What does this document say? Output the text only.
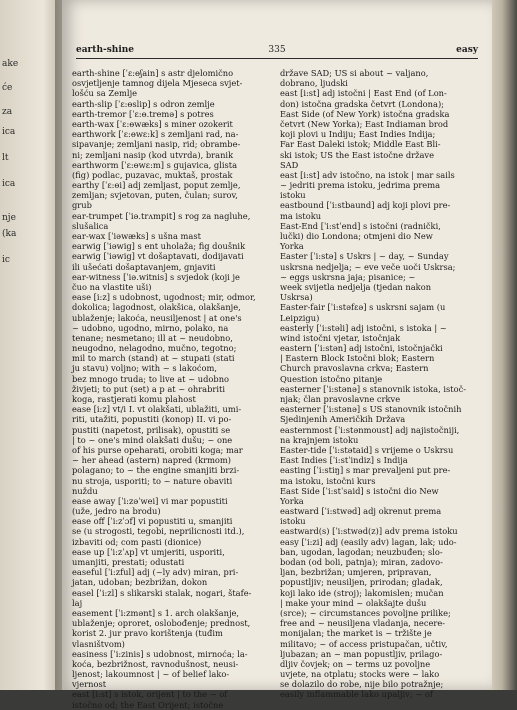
ake
će
za
ica
lt
ica
nje
(ka
ic
earth-shine	335	easy
earth-shine [ˈɛ:ɵʃain] s astr djelomično
osvjetljenje tamnog dijela Mjeseca svjet-
lošću sa Zemlje
earth-slip [ˈɛ:ɵslip] s odron zemlje
earth-tremor [ˈɛ:ɵ.tremə] s potres
earth-wax [ˈɛ:ɵwæks] s miner ozokerit
earthwork [ˈɛ:ɵwɛ:k] s zemljani rad, na-
sipavanje; zemljani nasip, rid; obrambe-
ni; zemljani nasip (kod utvrda), branik
earthworm [ˈɛ:ɵwɛ:m] s gujavica, glista
(fig) podlac, puzavac, muktaš, prostak
earthy [ˈɛ:ɵi] adj zemljast, poput zemlje,
zemljan; svjetovan, puten, čulan; surov,
grub
ear-trumpet [ˈiə.trʌmpit] s rog za nagluhe,
slušalica
ear-wax [ˈiəwæks] s ušna mast
earwig [ˈiəwig] s ent uholaža; fig doušnik
earwig [ˈiəwig] vt došaptavati, dodijavati
ili ušećati došaptavanjem, gnjaviti
ear-witness [ˈiə.witnis] s svjedok (koji je
čuo na vlastite uši)
ease [i:z] s udobnost, ugodnost; mir, odmor,
dokolica; lagodnost, olakšica, olakšanje,
ublaženje; lakoća, neusiljenost | at one's
~ udobno, ugodno, mirno, polako, na
tenane; nesmetano; ill at ~ neudobno,
neugodno, nelagodno, mučno, tegotno;
mil to march (stand) at ~ stupati (stati
ju stavu) voljno; with ~ s lakoćom,
bez mnogo truda; to live at ~ udobno
živjeti; to put (set) a p at ~ ohrabriti
koga, rastjerati komu plahost
ease [i:z] vt/i I. vt olakšati, ublažiti, umi-
riti, utažiti, popustiti (konop) II. vi po-
pustiti (napetost, prilisak), opustiti se
| to ~ one's mind olakšati dušu; ~ one
of his purse opeharati, orobiti koga; mar
~ her ahead (astern) napred (krmom)
polagano; to ~ the engine smanjiti brzi-
nu stroja, usporiti; to ~ nature obaviti
nuždu
ease away [ˈi:zəˈwei] vi mar popustiti
(uže, jedro na brodu)
ease off [ˈi:zˈɔf] vi popustiti u, smanjiti
se (u strogosti, tegobi, neprilicnosti itd.),
izbaviti od; com pasti (dionice)
ease up [ˈi:zˈʌp] vt umjeriti, usporiti,
umanjiti, prestati; odustati
easeful [ˈi:zful] adj (~ly adv) miran, pri-
jatan, udoban; bezbrižan, dokon
easel [ˈi:zl] s slikarski stalak, nogari, štafe-
laj
easement [ˈi:zmənt] s 1. arch olakšanje,
ublaženje; oproret, oslobođenje; prednost,
korist 2. jur pravo korištenja (tuđim
vlasništvom)
easiness [ˈi:zinis] s udobnost, mirnoća; la-
koća, bezbrižnost, ravnodušnost, neusi-
ljenost; lakoumnost | ~ of belief lako-
vjernost
east [i:st] s istok, orijent | to the ~ of
istočno od; the East Orijent; istočne
države SAD; US si about ~ valjano,
dobrano, ljudski
east [i:st] adj istočni | East End (of Lon-
don) istočna gradska četvrt (Londona);
East Side (of New York) istočna gradska
četvrt (New Yorka); East Indiaman brod
koji plovi u Indiju; East Indies Indija;
Far East Daleki istok; Middle East Bli-
ski istok; US the East istočne države
SAD
east [i:st] adv istočno, na istok | mar sails
~ jedriti prema istoku, jedrima prema
istoku
eastbound [ˈi:stbaund] adj koji plovi pre-
ma istoku
East-End [ˈi:stˈend] s istočni (radnički,
lučki) dio Londona; otmjeni dio New
Yorka
Easter [ˈi:stə] s Uskrs | ~ day, ~ Sunday
uskrsna nedjelja; ~ eve veče uoči Uskrsa;
~ eggs uskrsna jaja; pisanice; ~
week svijetla nedjelja (tjedan nakon
Uskrsa)
Easter-fair [ˈi:stəfɛə] s uskrsni sajam (u
Leipzigu)
easterly [ˈi:stəli] adj istočni, s istoka | ~
wind istočni vjetar, istočnjak
eastern [ˈi:stən] adj istočni, istočnjački
| Eastern Block Istočni blok; Eastern
Church pravoslavna crkva; Eastern
Question istočno pitanje
easterner [ˈi:stənə] s stanovnik istoka, istoč-
njak; član pravoslavne crkve
easterner [ˈi:stənə] s US stanovnik istočnih
Sjedinjenih Američkih Država
easternmost [ˈi:stənmoust] adj najistočniji,
na krajnjem istoku
Easter-tide [ˈi:stətaid] s vrijeme o Uskrsu
East Indies [ˈi:stˈindiz] s Indija
easting [ˈi:stiŋ] s mar prevaljeni put pre-
ma istoku, istočni kurs
East Side [ˈi:stˈsaid] s istočni dio New
Yorka
eastward [ˈi:stwəd] adj okrenut prema
istoku
eastward(s) [ˈi:stwəd(z)] adv prema istoku
easy [ˈi:zi] adj (easily adv) lagan, lak; udo-
ban, ugodan, lagodan; neuzbuđen; slo-
bodan (od boli, patnja); miran, zadovo-
ljan, bezbrižan; umjeren, pripravan,
popustljiv; neusiljen, prirodan; gladak,
koji lako ide (stroj); lakomislen; mučan
| make your mind ~ olakšajte dušu
(srce); ~ circumstances povoljne prilike;
free and ~ neusiljena vladanja, necere-
monijalan; the market is ~ tržište je
militavo; ~ of access pristupačan, učtiv,
ljubazan; an ~ man popustljiv, prilago-
dljiv čovjek; on ~ terms uz povoljne
uvjete, na otplatu; stocks were ~ lako
se dolazilo do robe, nije bilo potražnje;
easily inflammable lako upaljiv; ~ of
